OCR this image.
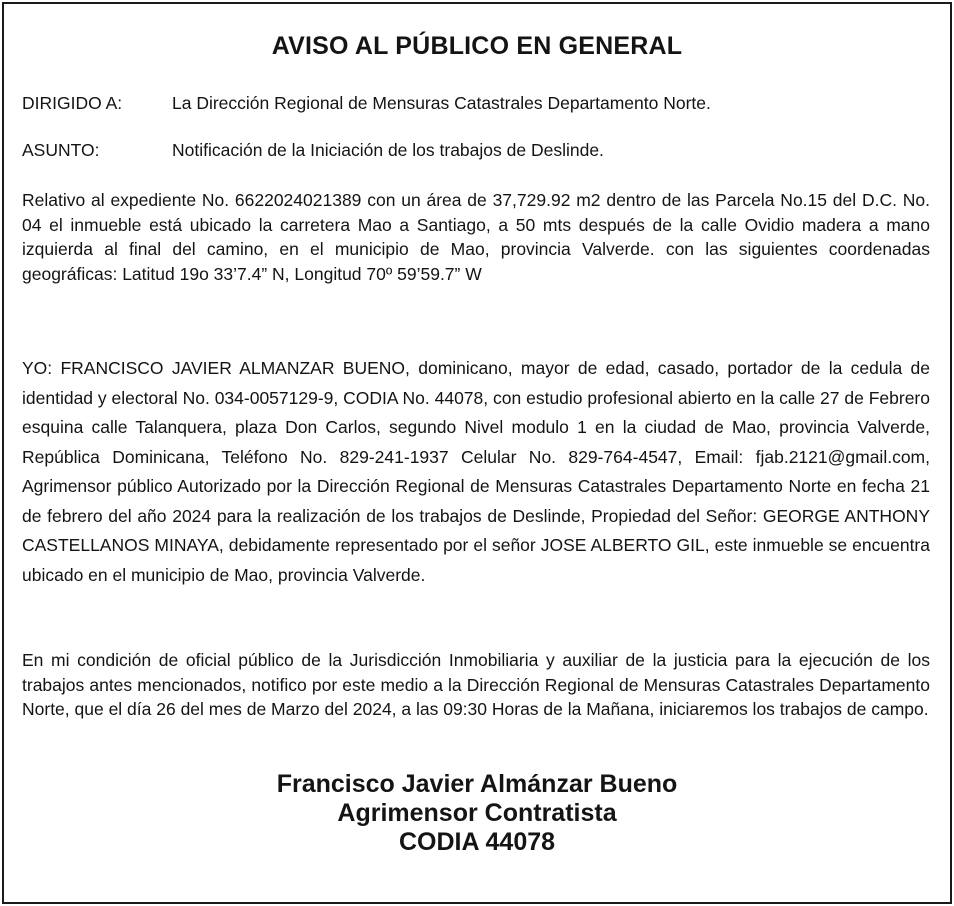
AVISO AL PÚBLICO EN GENERAL
DIRIGIDO A:	La Dirección Regional de Mensuras Catastrales Departamento Norte.
ASUNTO:	Notificación de la Iniciación de los trabajos de Deslinde.

Relativo al expediente No. 6622024021389 con un área de 37,729.92 m2 dentro de las Parcela No.15 del D.C. No. 04 el inmueble está ubicado la carretera Mao a Santiago, a 50 mts después de la calle Ovidio madera a mano izquierda al final del camino, en el municipio de Mao, provincia Valverde. con las siguientes coordenadas geográficas: Latitud 19o 33’7.4” N, Longitud 70º 59’59.7” W

YO: FRANCISCO JAVIER ALMANZAR BUENO, dominicano, mayor de edad, casado, portador de la cedula de identidad y electoral No. 034-0057129-9, CODIA No. 44078, con estudio profesional abierto en la calle 27 de Febrero esquina calle Talanquera, plaza Don Carlos, segundo Nivel modulo 1 en la ciudad de Mao, provincia Valverde, República Dominicana, Teléfono No. 829-241-1937 Celular No. 829-764-4547, Email: fjab.2121@gmail.com, Agrimensor público Autorizado por la Dirección Regional de Mensuras Catastrales Departamento Norte en fecha 21 de febrero del año 2024 para la realización de los trabajos de Deslinde, Propiedad del Señor: GEORGE ANTHONY CASTELLANOS MINAYA, debidamente representado por el señor JOSE ALBERTO GIL, este inmueble se encuentra ubicado en el municipio de Mao, provincia Valverde.

En mi condición de oficial público de la Jurisdicción Inmobiliaria y auxiliar de la justicia para la ejecución de los trabajos antes mencionados, notifico por este medio a la Dirección Regional de Mensuras Catastrales Departamento Norte, que el día 26 del mes de Marzo del 2024, a las 09:30 Horas de la Mañana, iniciaremos los trabajos de campo.

Francisco Javier Almánzar Bueno
Agrimensor Contratista
CODIA 44078
